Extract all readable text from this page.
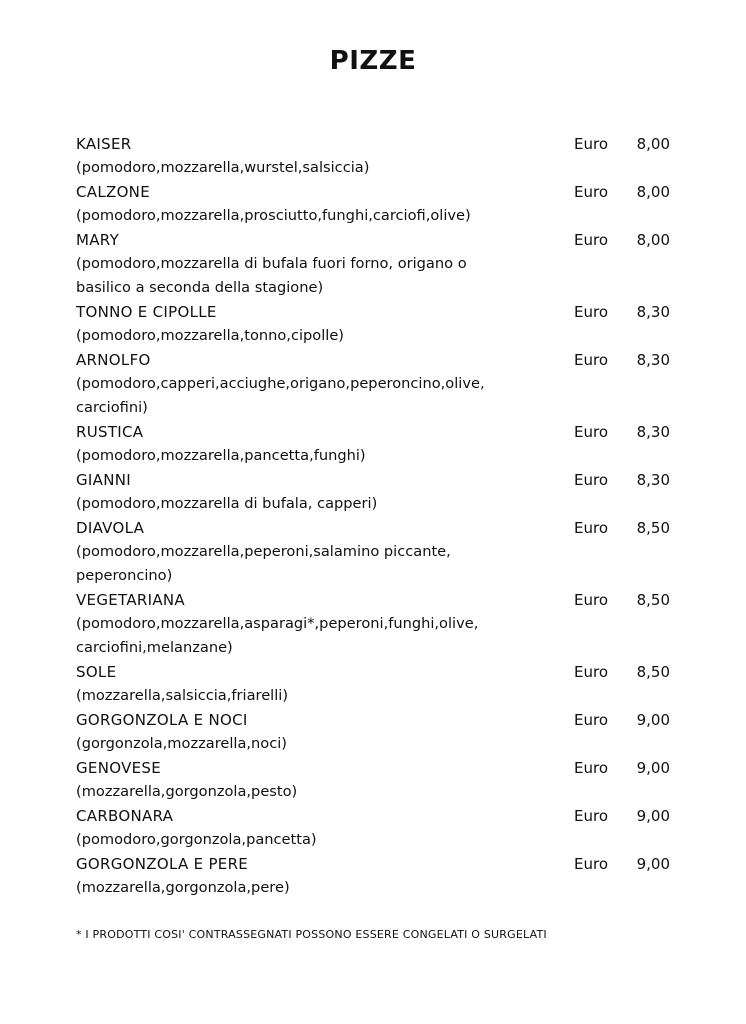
PIZZE
KAISER	Euro 8,00
(pomodoro,mozzarella,wurstel,salsiccia)
CALZONE	Euro 8,00
(pomodoro,mozzarella,prosciutto,funghi,carciofi,olive)
MARY	Euro 8,00
(pomodoro,mozzarella di bufala fuori forno, origano o
basilico a seconda della stagione)
TONNO E CIPOLLE	Euro 8,30
(pomodoro,mozzarella,tonno,cipolle)
ARNOLFO	Euro 8,30
(pomodoro,capperi,acciughe,origano,peperoncino,olive,
carciofini)
RUSTICA	Euro 8,30
(pomodoro,mozzarella,pancetta,funghi)
GIANNI	Euro 8,30
(pomodoro,mozzarella di bufala, capperi)
DIAVOLA	Euro 8,50
(pomodoro,mozzarella,peperoni,salamino piccante,
peperoncino)
VEGETARIANA	Euro 8,50
(pomodoro,mozzarella,asparagi*,peperoni,funghi,olive,
carciofini,melanzane)
SOLE	Euro 8,50
(mozzarella,salsiccia,friarelli)
GORGONZOLA E NOCI	Euro 9,00
(gorgonzola,mozzarella,noci)
GENOVESE	Euro 9,00
(mozzarella,gorgonzola,pesto)
CARBONARA	Euro 9,00
(pomodoro,gorgonzola,pancetta)
GORGONZOLA E PERE	Euro 9,00
(mozzarella,gorgonzola,pere)
* I PRODOTTI COSI' CONTRASSEGNATI POSSONO ESSERE CONGELATI O SURGELATI
